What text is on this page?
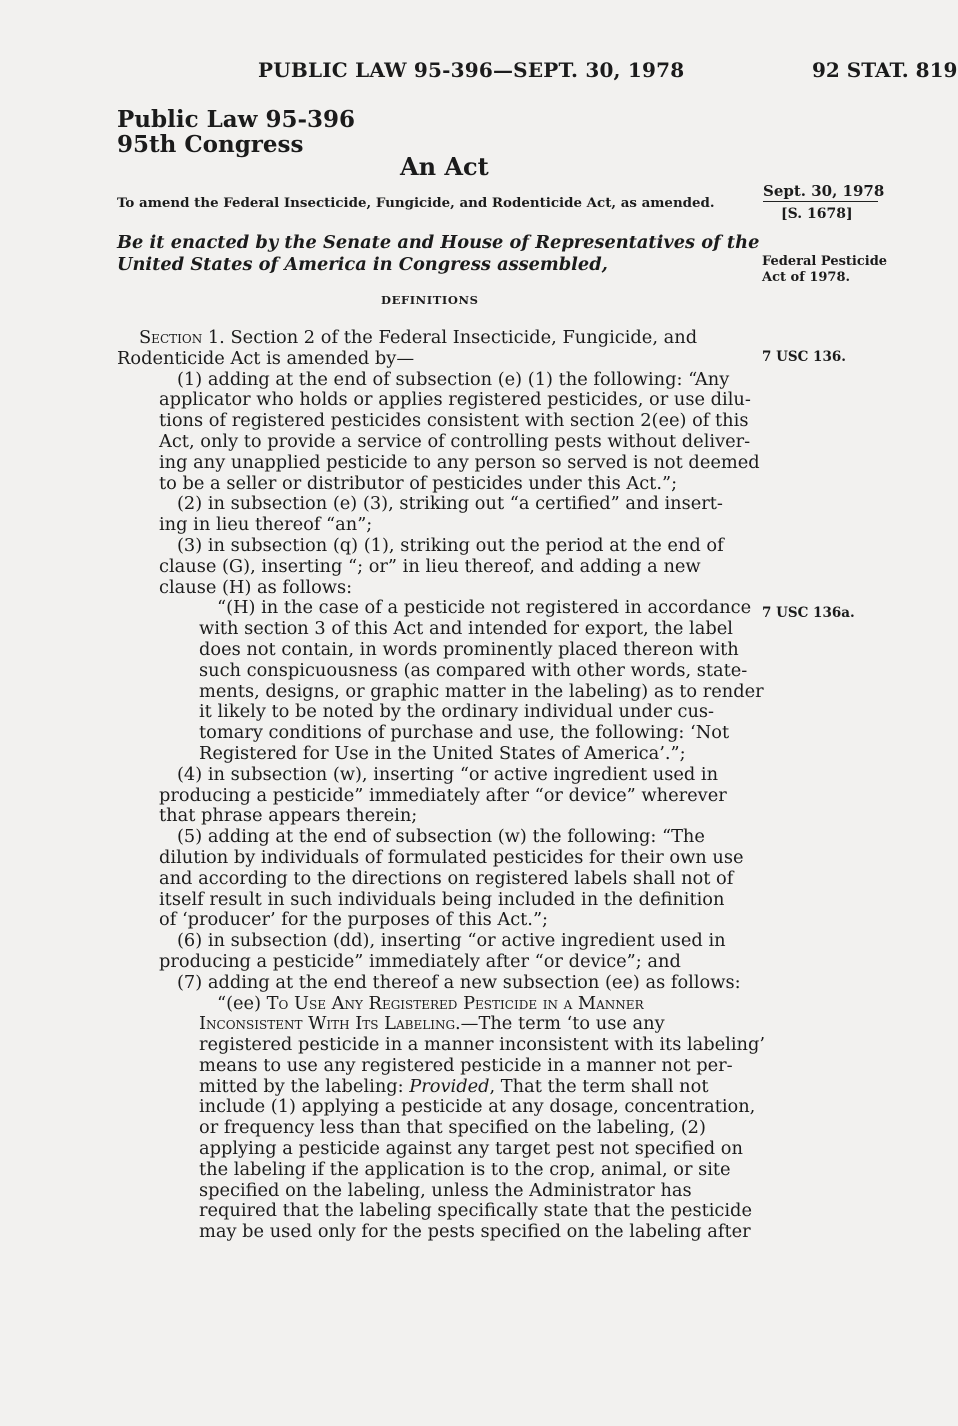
PUBLIC LAW 95-396—SEPT. 30, 1978	92 STAT. 819
Public Law 95-396
95th Congress
An Act
To amend the Federal Insecticide, Fungicide, and Rodenticide Act, as amended.
Sept. 30, 1978
[S. 1678]
Federal Pesticide
Act of 1978.
7 USC 136.
7 USC 136a.
Be it enacted by the Senate and House of Representatives of the
United States of America in Congress assembled,
DEFINITIONS
Section 1. Section 2 of the Federal Insecticide, Fungicide, and
Rodenticide Act is amended by—
(1) adding at the end of subsection (e) (1) the following: “Any
applicator who holds or applies registered pesticides, or use dilu-
tions of registered pesticides consistent with section 2(ee) of this
Act, only to provide a service of controlling pests without deliver-
ing any unapplied pesticide to any person so served is not deemed
to be a seller or distributor of pesticides under this Act.”;
(2) in subsection (e) (3), striking out “a certified” and insert-
ing in lieu thereof “an”;
(3) in subsection (q) (1), striking out the period at the end of
clause (G), inserting “; or” in lieu thereof, and adding a new
clause (H) as follows:
“(H) in the case of a pesticide not registered in accordance
with section 3 of this Act and intended for export, the label
does not contain, in words prominently placed thereon with
such conspicuousness (as compared with other words, state-
ments, designs, or graphic matter in the labeling) as to render
it likely to be noted by the ordinary individual under cus-
tomary conditions of purchase and use, the following: ‘Not
Registered for Use in the United States of America’.”;
(4) in subsection (w), inserting “or active ingredient used in
producing a pesticide” immediately after “or device” wherever
that phrase appears therein;
(5) adding at the end of subsection (w) the following: “The
dilution by individuals of formulated pesticides for their own use
and according to the directions on registered labels shall not of
itself result in such individuals being included in the definition
of ‘producer’ for the purposes of this Act.”;
(6) in subsection (dd), inserting “or active ingredient used in
producing a pesticide” immediately after “or device”; and
(7) adding at the end thereof a new subsection (ee) as follows:
“(ee) To Use Any Registered Pesticide in a Manner
Inconsistent With Its Labeling.—The term ‘to use any
registered pesticide in a manner inconsistent with its labeling’
means to use any registered pesticide in a manner not per-
mitted by the labeling: Provided, That the term shall not
include (1) applying a pesticide at any dosage, concentration,
or frequency less than that specified on the labeling, (2)
applying a pesticide against any target pest not specified on
the labeling if the application is to the crop, animal, or site
specified on the labeling, unless the Administrator has
required that the labeling specifically state that the pesticide
may be used only for the pests specified on the labeling after
